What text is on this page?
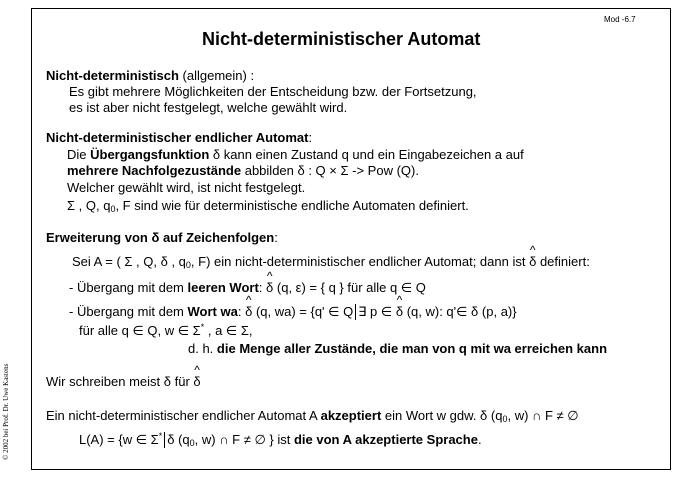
Mod -6.7
Nicht-deterministischer Automat
© 2002 bei Prof. Dr. Uwe Kastens
Nicht-deterministisch (allgemein) :
Es gibt mehrere Möglichkeiten der Entscheidung bzw. der Fortsetzung,
es ist aber nicht festgelegt, welche gewählt wird.
Nicht-deterministischer endlicher Automat:
Die Übergangsfunktion δ kann einen Zustand q und ein Eingabezeichen a auf
mehrere Nachfolgezustände abbilden δ : Q × Σ -> Pow (Q).
Welcher gewählt wird, ist nicht festgelegt.
Σ , Q, $q_0$, F sind wie für deterministische endliche Automaten definiert.
Erweiterung von δ auf Zeichenfolgen:
Sei A = ( Σ , Q, δ , $q_0$, F) ein nicht-deterministischer endlicher Automat; dann ist ^ δ definiert:
- Übergang mit dem leeren Wort: ^ δ (q, ε) = { q } für alle q ∈ Q
- Übergang mit dem Wort wa: ^ δ (q, wa) = {q' ∈ Q ∃ p ∈ ^ δ (q, w): q'∈ δ (p, a)}
für alle q ∈ Q, w ∈ Σ* , a ∈ Σ,
d. h. die Menge aller Zustände, die man von q mit wa erreichen kann
Wir schreiben meist δ für ^ δ
Ein nicht-deterministischer endlicher Automat A akzeptiert ein Wort w gdw. δ ($q_0$, w) ∩ F ≠ ∅
L(A) = {w ∈ Σ* δ ($q_0$, w) ∩ F ≠ ∅ } ist die von A akzeptierte Sprache.
